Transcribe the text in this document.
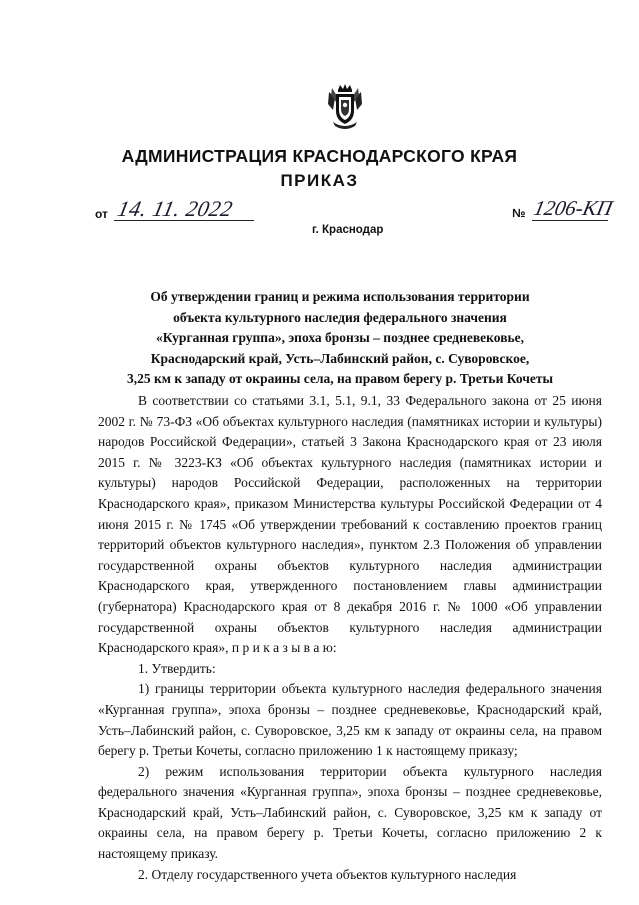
АДМИНИСТРАЦИЯ КРАСНОДАРСКОГО КРАЯ
ПРИКАЗ
от 14. 11. 2022
г. Краснодар
№ 1206-КП
Об утверждении границ и режима использования территории
объекта культурного наследия федерального значения
«Курганная группа», эпоха бронзы – позднее средневековье,
Краснодарский край, Усть–Лабинский район, с. Суворовское,
3,25 км к западу от окраины села, на правом берегу р. Третьи Кочеты

В соответствии со статьями 3.1, 5.1, 9.1, 33 Федерального закона от 25 июня 2002 г. № 73-ФЗ «Об объектах культурного наследия (памятниках истории и культуры) народов Российской Федерации», статьей 3 Закона Краснодарского края от 23 июля 2015 г. № 3223-КЗ «Об объектах культурного наследия (памятниках истории и культуры) народов Российской Федерации, расположенных на территории Краснодарского края», приказом Министерства культуры Российской Федерации от 4 июня 2015 г. № 1745 «Об утверждении требований к составлению проектов границ территорий объектов культурного наследия», пунктом 2.3 Положения об управлении государственной охраны объектов культурного наследия администрации Краснодарского края, утвержденного постановлением главы администрации (губернатора) Краснодарского края от 8 декабря 2016 г. № 1000 «Об управлении государственной охраны объектов культурного наследия администрации Краснодарского края», п р и к а з ы в а ю:

1. Утвердить:

1) границы территории объекта культурного наследия федерального значения «Курганная группа», эпоха бронзы – позднее средневековье, Краснодарский край, Усть–Лабинский район, с. Суворовское, 3,25 км к западу от окраины села, на правом берегу р. Третьи Кочеты, согласно приложению 1 к настоящему приказу;

2) режим использования территории объекта культурного наследия федерального значения «Курганная группа», эпоха бронзы – позднее средневековье, Краснодарский край, Усть–Лабинский район, с. Суворовское, 3,25 км к западу от окраины села, на правом берегу р. Третьи Кочеты, согласно приложению 2 к настоящему приказу.

2. Отделу государственного учета объектов культурного наследия
